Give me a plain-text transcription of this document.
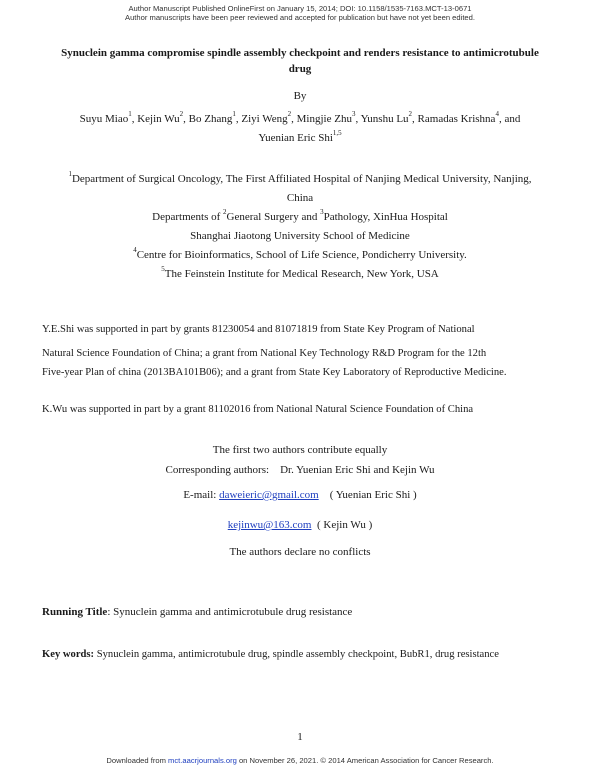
Author Manuscript Published OnlineFirst on January 15, 2014; DOI: 10.1158/1535-7163.MCT-13-0671
Author manuscripts have been peer reviewed and accepted for publication but have not yet been edited.
Synuclein gamma compromise spindle assembly checkpoint and renders resistance to antimicrotubule
drug
By
Suyu Miao$^1$, Kejin Wu$^2$, Bo Zhang$^1$, Ziyi Weng$^2$, Mingjie Zhu$^3$, Yunshu Lu$^2$, Ramadas Krishna$^4$, and
Yuenian Eric Shi$^{1,5}$
$^1$Department of Surgical Oncology, The First Affiliated Hospital of Nanjing Medical University, Nanjing,
China
Departments of $^2$General Surgery and $^3$Pathology, XinHua Hospital
Shanghai Jiaotong University School of Medicine
$^4$Centre for Bioinformatics, School of Life Science, Pondicherry University.
$^5$The Feinstein Institute for Medical Research, New York, USA
Y.E.Shi was supported in part by grants 81230054 and 81071819 from State Key Program of National
Natural Science Foundation of China; a grant from National Key Technology R&D Program for the 12th
Five-year Plan of china (2013BA101B06); and a grant from State Key Laboratory of Reproductive Medicine.
K.Wu was supported in part by a grant 81102016 from National Natural Science Foundation of China
The first two authors contribute equally
Corresponding authors: Dr. Yuenian Eric Shi and Kejin Wu
E-mail: daweieric@gmail.com ( Yuenian Eric Shi )
kejinwu@163.com ( Kejin Wu )
The authors declare no conflicts
Running Title: Synuclein gamma and antimicrotubule drug resistance
Key words: Synuclein gamma, antimicrotubule drug, spindle assembly checkpoint, BubR1, drug resistance
1
Downloaded from mct.aacrjournals.org on November 26, 2021. © 2014 American Association for Cancer Research.
